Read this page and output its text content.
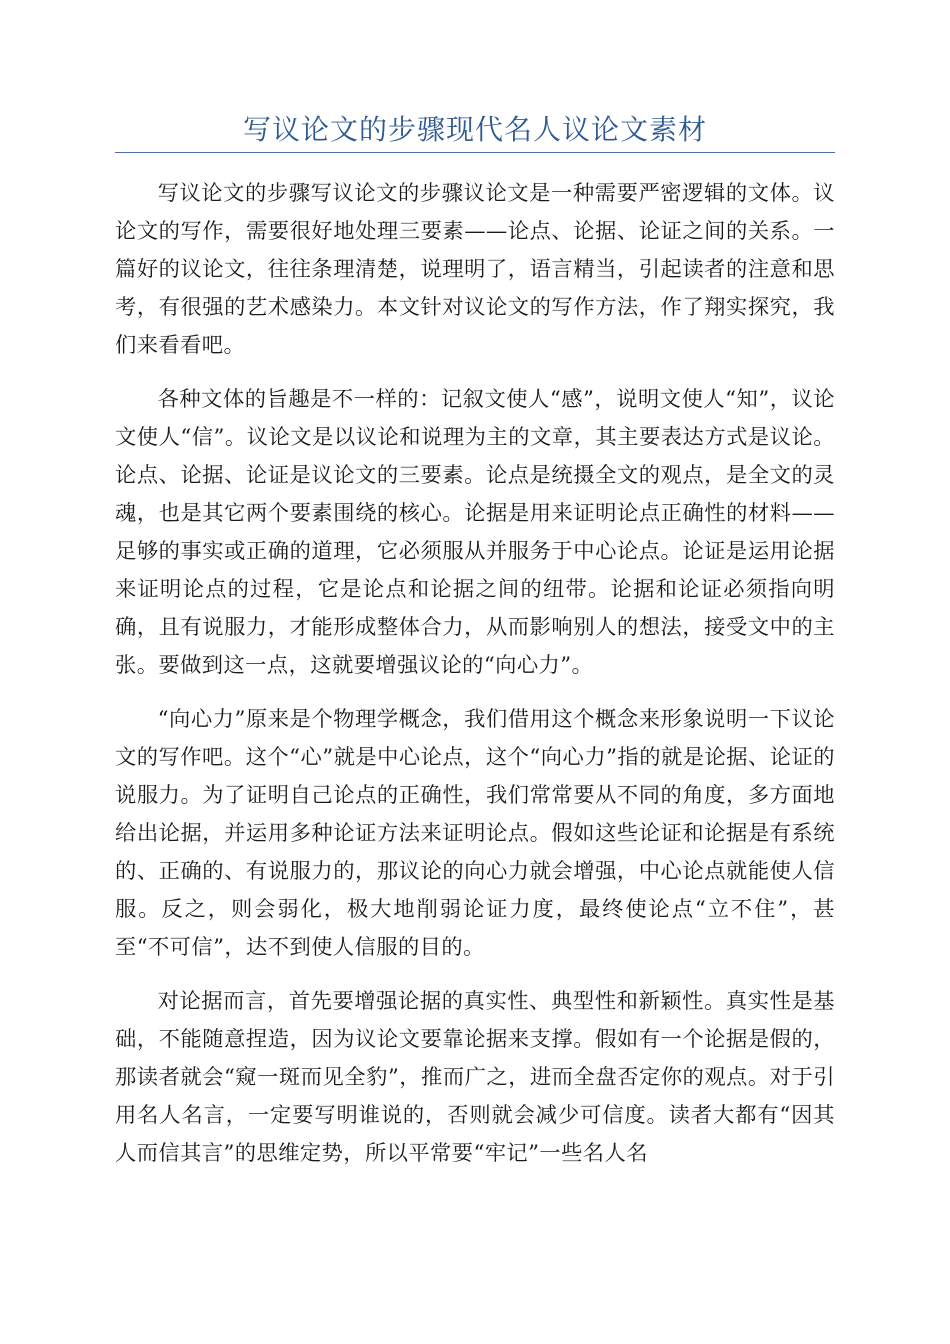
写议论文的步骤现代名人议论文素材

写议论文的步骤写议论文的步骤议论文是一种需要严密逻辑的文体。议论文的写作，需要很好地处理三要素——论点、论据、论证之间的关系。一篇好的议论文，往往条理清楚，说理明了，语言精当，引起读者的注意和思考，有很强的艺术感染力。本文针对议论文的写作方法，作了翔实探究，我们来看看吧。

各种文体的旨趣是不一样的：记叙文使人“感”，说明文使人“知”，议论文使人“信”。议论文是以议论和说理为主的文章，其主要表达方式是议论。论点、论据、论证是议论文的三要素。论点是统摄全文的观点，是全文的灵魂，也是其它两个要素围绕的核心。论据是用来证明论点正确性的材料——足够的事实或正确的道理，它必须服从并服务于中心论点。论证是运用论据来证明论点的过程，它是论点和论据之间的纽带。论据和论证必须指向明确，且有说服力，才能形成整体合力，从而影响别人的想法，接受文中的主张。要做到这一点，这就要增强议论的“向心力”。

“向心力”原来是个物理学概念，我们借用这个概念来形象说明一下议论文的写作吧。这个“心”就是中心论点，这个“向心力”指的就是论据、论证的说服力。为了证明自己论点的正确性，我们常常要从不同的角度，多方面地给出论据，并运用多种论证方法来证明论点。假如这些论证和论据是有系统的、正确的、有说服力的，那议论的向心力就会增强，中心论点就能使人信服。反之，则会弱化，极大地削弱论证力度，最终使论点“立不住”，甚至“不可信”，达不到使人信服的目的。

对论据而言，首先要增强论据的真实性、典型性和新颖性。真实性是基础，不能随意捏造，因为议论文要靠论据来支撑。假如有一个论据是假的，那读者就会“窥一斑而见全豹”，推而广之，进而全盘否定你的观点。对于引用名人名言，一定要写明谁说的，否则就会减少可信度。读者大都有“因其人而信其言”的思维定势，所以平常要“牢记”一些名人名
